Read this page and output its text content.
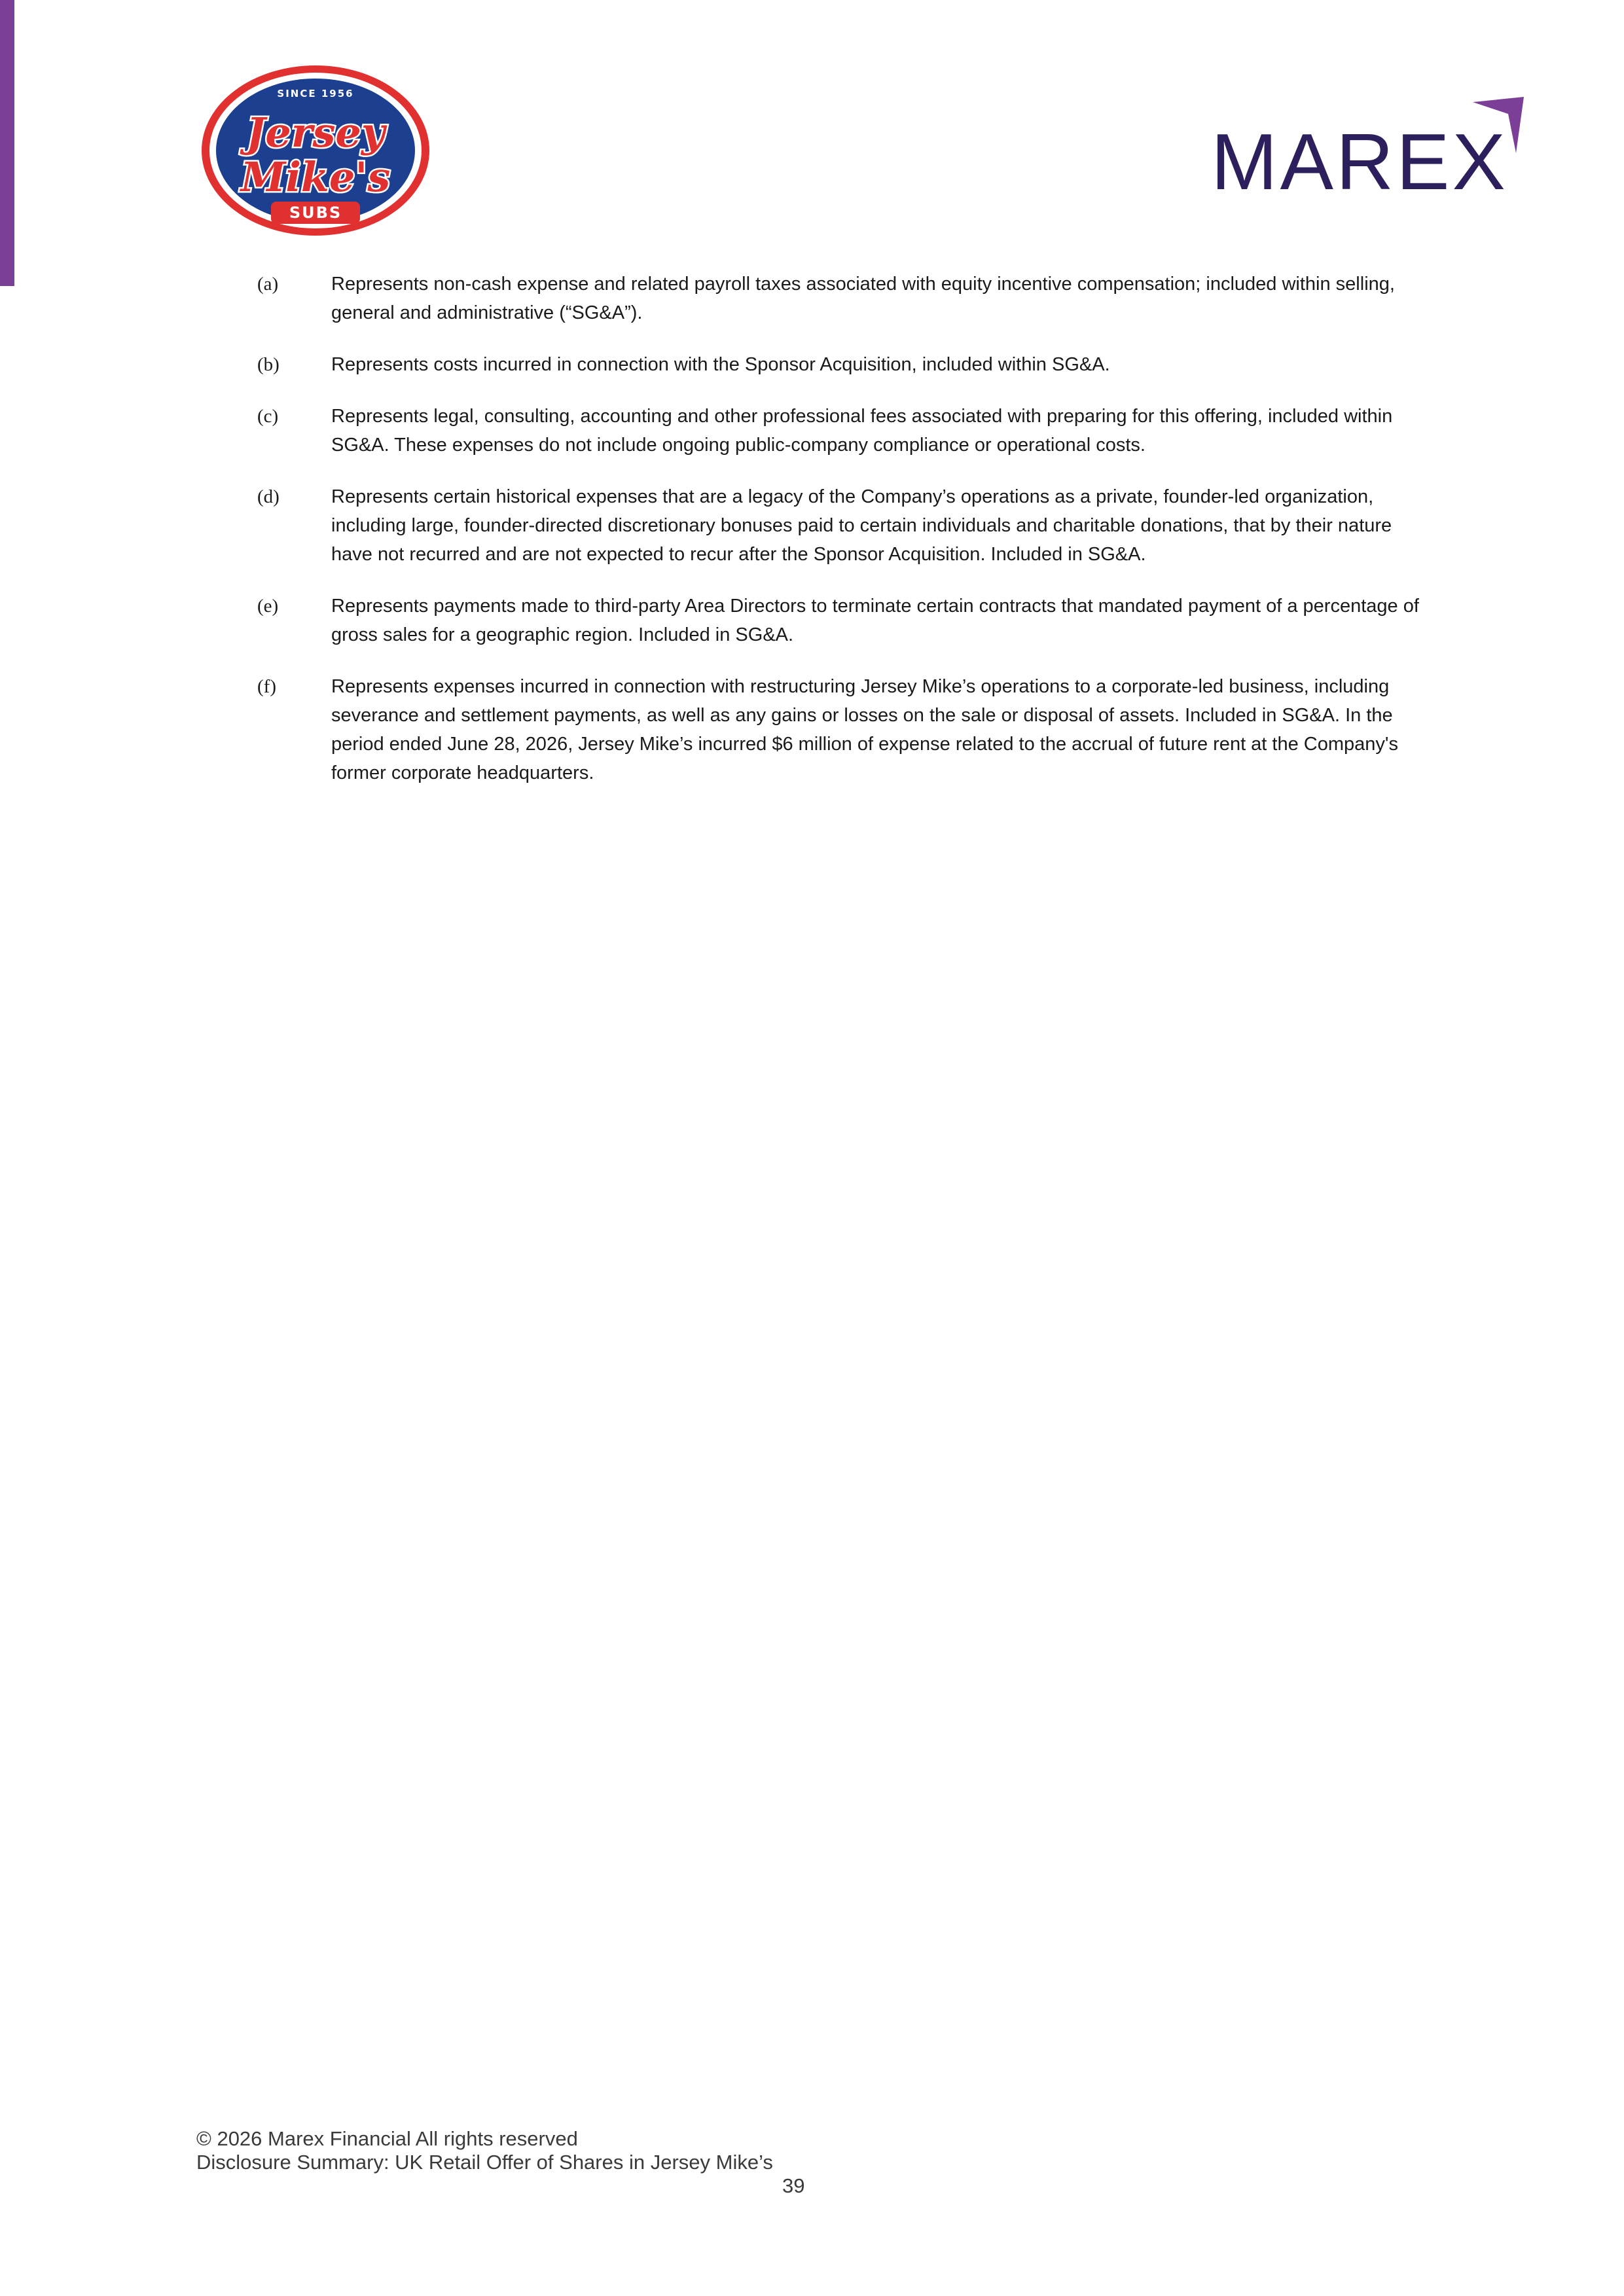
SINCE 1956
SUBS
Jersey
Mike's	MAREX
(a)	Represents non-cash expense and related payroll taxes associated with equity incentive compensation; included within selling, general and administrative (“SG&A”).
(b)	Represents costs incurred in connection with the Sponsor Acquisition, included within SG&A.
(c)	Represents legal, consulting, accounting and other professional fees associated with preparing for this offering, included within SG&A. These expenses do not include ongoing public-company compliance or operational costs.
(d)	Represents certain historical expenses that are a legacy of the Company’s operations as a private, founder-led organization, including large, founder-directed discretionary bonuses paid to certain individuals and charitable donations, that by their nature have not recurred and are not expected to recur after the Sponsor Acquisition. Included in SG&A.
(e)	Represents payments made to third-party Area Directors to terminate certain contracts that mandated payment of a percentage of gross sales for a geographic region. Included in SG&A.
(f)	Represents expenses incurred in connection with restructuring Jersey Mike’s operations to a corporate-led business, including severance and settlement payments, as well as any gains or losses on the sale or disposal of assets. Included in SG&A. In the period ended June 28, 2026, Jersey Mike’s incurred $6 million of expense related to the accrual of future rent at the Company's former corporate headquarters.
© 2026 Marex Financial All rights reserved
Disclosure Summary: UK Retail Offer of Shares in Jersey Mike’s
39
